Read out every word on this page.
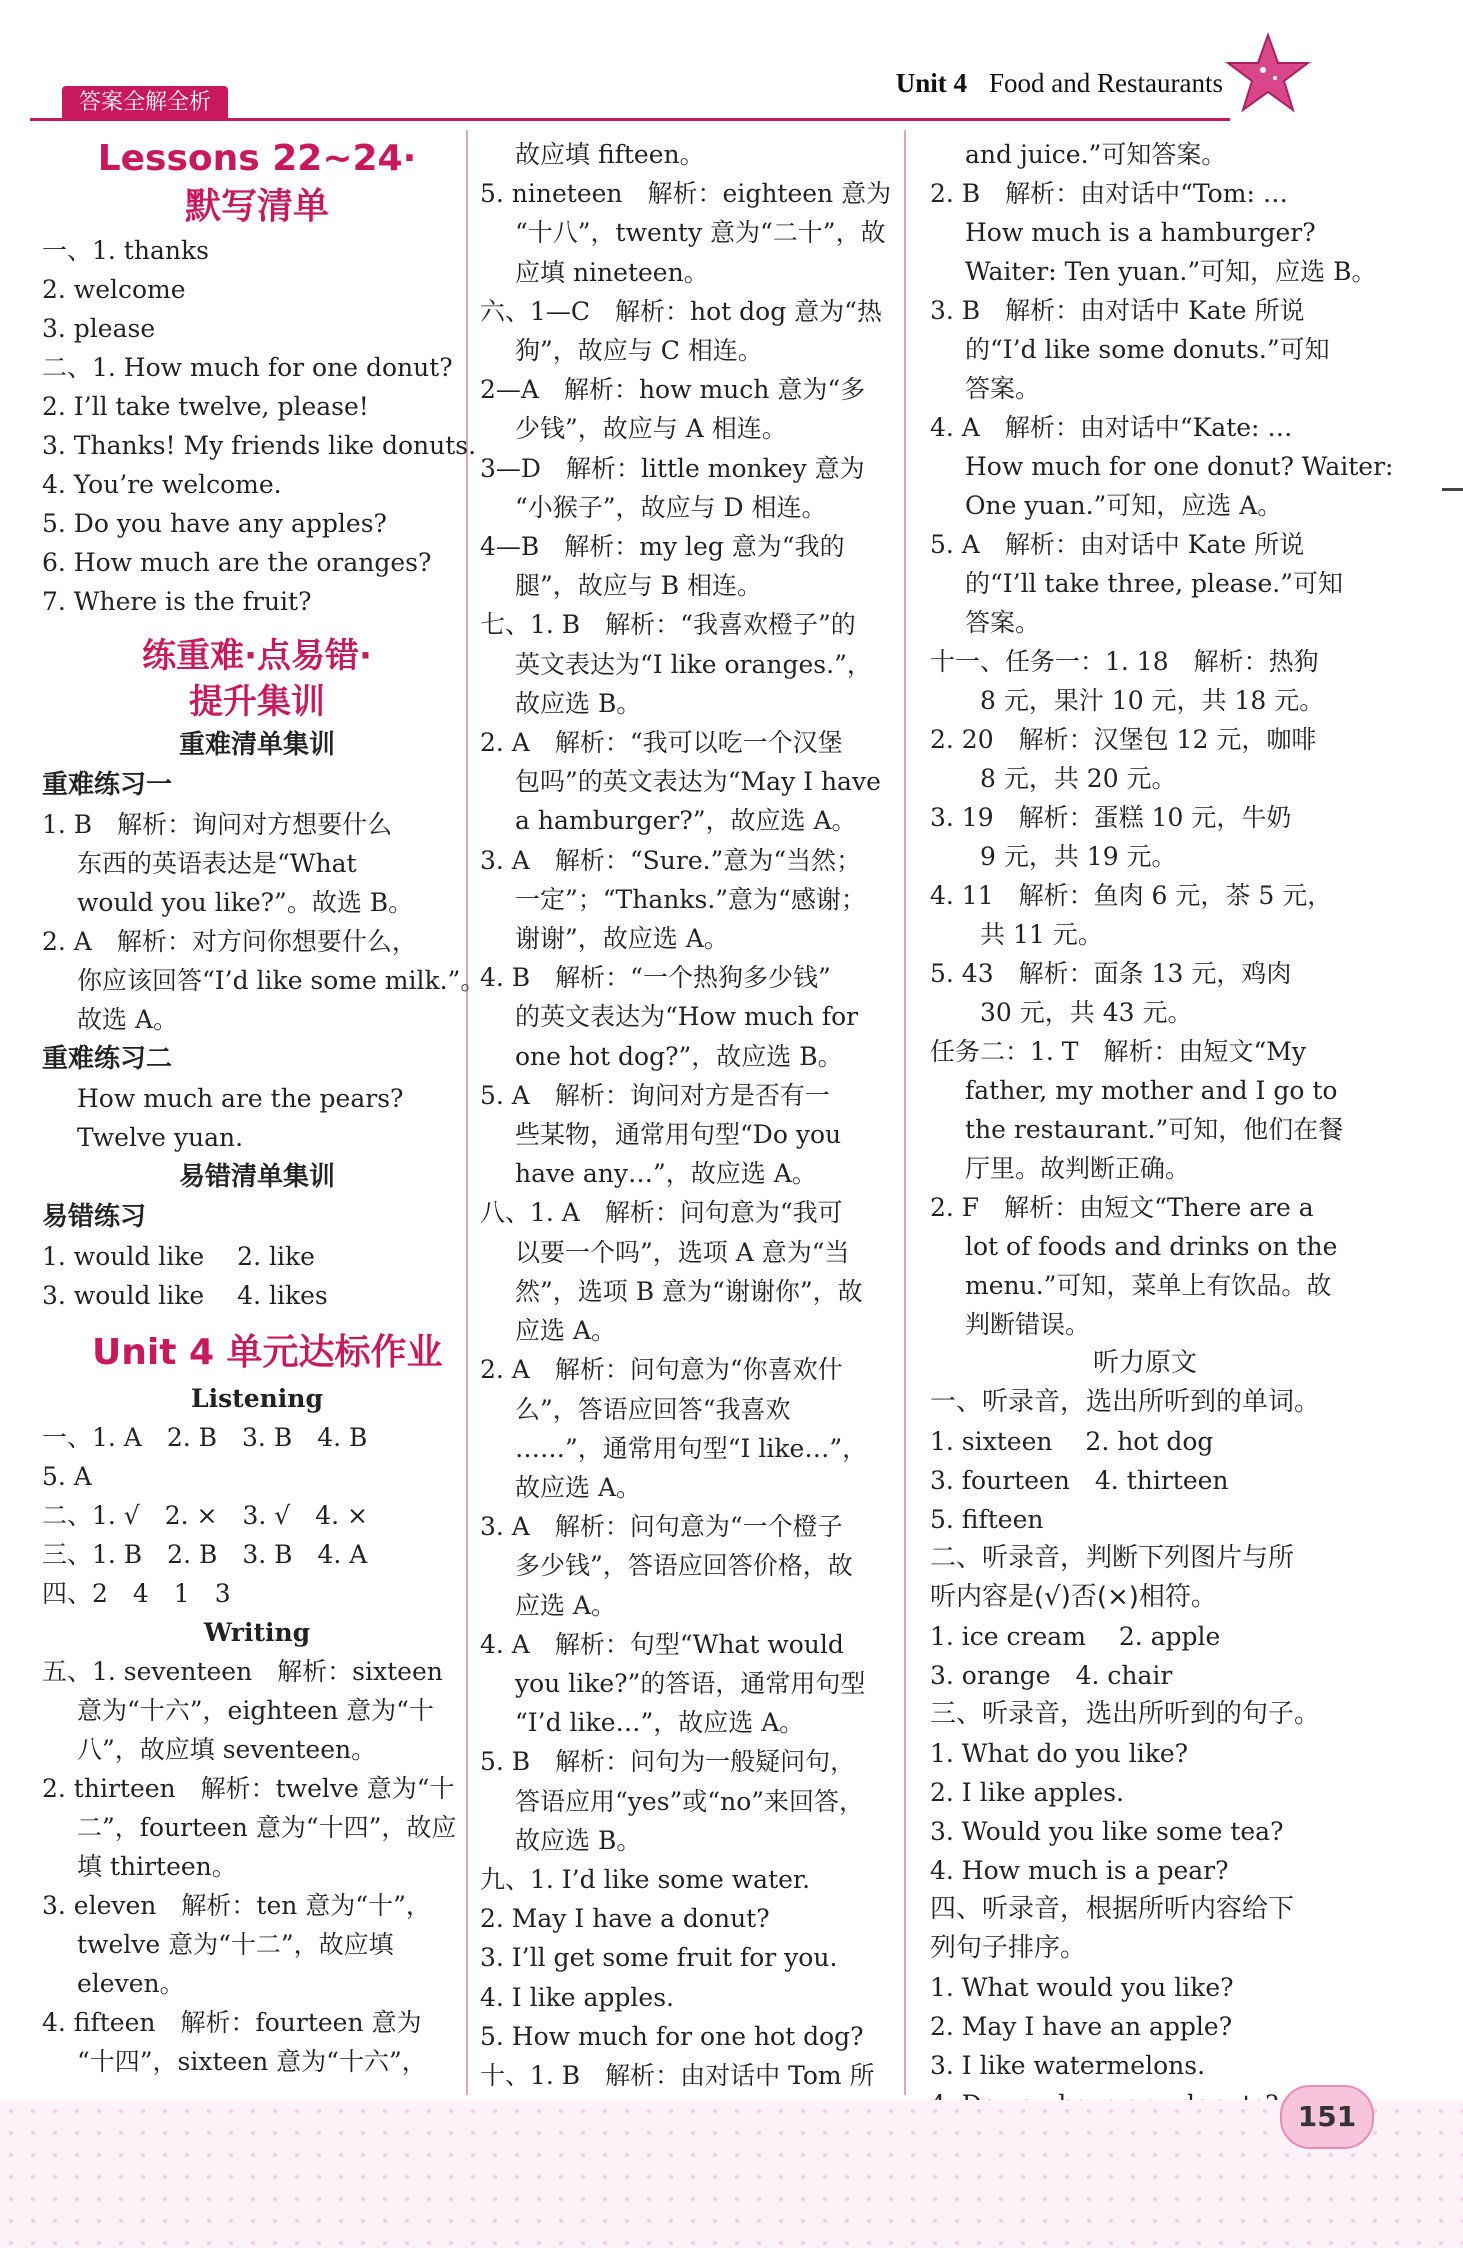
答案全解全析
Unit 4 Food and Restaurants
Lessons 22~24·
默写清单
一、1. thanks
2. welcome
3. please
二、1. How much for one donut?
2. I’ll take twelve, please!
3. Thanks! My friends like donuts.
4. You’re welcome.
5. Do you have any apples?
6. How much are the oranges?
7. Where is the fruit?
练重难·点易错·
提升集训
重难清单集训
重难练习一
1. B　解析：询问对方想要什么
东西的英语表达是“What
would you like?”。故选 B。
2. A　解析：对方问你想要什么，
你应该回答“I’d like some milk.”。
故选 A。
重难练习二
How much are the pears?
Twelve yuan.
易错清单集训
易错练习
1. would like　 2. like
3. would like　 4. likes
Unit 4 单元达标作业
Listening
一、1. A　2. B　3. B　4. B
5. A
二、1. √　2. ×　3. √　4. ×
三、1. B　2. B　3. B　4. A
四、2　4　1　3
Writing
五、1. seventeen　解析：sixteen
意为“十六”，eighteen 意为“十
八”，故应填 seventeen。
2. thirteen　解析：twelve 意为“十
二”，fourteen 意为“十四”，故应
填 thirteen。
3. eleven　解析：ten 意为“十”，
twelve 意为“十二”，故应填
eleven。
4. fifteen　解析：fourteen 意为
“十四”，sixteen 意为“十六”，
故应填 fifteen。
5. nineteen　解析：eighteen 意为
“十八”，twenty 意为“二十”，故
应填 nineteen。
六、1—C　解析：hot dog 意为“热
狗”，故应与 C 相连。
2—A　解析：how much 意为“多
少钱”，故应与 A 相连。
3—D　解析：little monkey 意为
“小猴子”，故应与 D 相连。
4—B　解析：my leg 意为“我的
腿”，故应与 B 相连。
七、1. B　解析：“我喜欢橙子”的
英文表达为“I like oranges.”，
故应选 B。
2. A　解析：“我可以吃一个汉堡
包吗”的英文表达为“May I have
a hamburger?”，故应选 A。
3. A　解析：“Sure.”意为“当然；
一定”；“Thanks.”意为“感谢；
谢谢”，故应选 A。
4. B　解析：“一个热狗多少钱”
的英文表达为“How much for
one hot dog?”，故应选 B。
5. A　解析：询问对方是否有一
些某物，通常用句型“Do you
have any…”，故应选 A。
八、1. A　解析：问句意为“我可
以要一个吗”，选项 A 意为“当
然”，选项 B 意为“谢谢你”，故
应选 A。
2. A　解析：问句意为“你喜欢什
么”，答语应回答“我喜欢
……”，通常用句型“I like…”，
故应选 A。
3. A　解析：问句意为“一个橙子
多少钱”，答语应回答价格，故
应选 A。
4. A　解析：句型“What would
you like?”的答语，通常用句型
“I’d like…”，故应选 A。
5. B　解析：问句为一般疑问句，
答语应用“yes”或“no”来回答，
故应选 B。
九、1. I’d like some water.
2. May I have a donut?
3. I’ll get some fruit for you.
4. I like apples.
5. How much for one hot dog?
十、1. B　解析：由对话中 Tom 所
and juice.”可知答案。
2. B　解析：由对话中“Tom: …
How much is a hamburger?
Waiter: Ten yuan.”可知，应选 B。
3. B　解析：由对话中 Kate 所说
的“I’d like some donuts.”可知
答案。
4. A　解析：由对话中“Kate: …
How much for one donut? Waiter:
One yuan.”可知，应选 A。
5. A　解析：由对话中 Kate 所说
的“I’ll take three, please.”可知
答案。
十一、任务一：1. 18　解析：热狗
8 元，果汁 10 元，共 18 元。
2. 20　解析：汉堡包 12 元，咖啡
8 元，共 20 元。
3. 19　解析：蛋糕 10 元，牛奶
9 元，共 19 元。
4. 11　解析：鱼肉 6 元，茶 5 元，
共 11 元。
5. 43　解析：面条 13 元，鸡肉
30 元，共 43 元。
任务二：1. T　解析：由短文“My
father, my mother and I go to
the restaurant.”可知，他们在餐
厅里。故判断正确。
2. F　解析：由短文“There are a
lot of foods and drinks on the
menu.”可知，菜单上有饮品。故
判断错误。
听力原文
一、听录音，选出所听到的单词。
1. sixteen　 2. hot dog
3. fourteen　4. thirteen
5. fifteen
二、听录音，判断下列图片与所
听内容是(√)否(×)相符。
1. ice cream　 2. apple
3. orange　4. chair
三、听录音，选出所听到的句子。
1. What do you like?
2. I like apples.
3. Would you like some tea?
4. How much is a pear?
四、听录音，根据所听内容给下
列句子排序。
1. What would you like?
2. May I have an apple?
3. I like watermelons.
151
